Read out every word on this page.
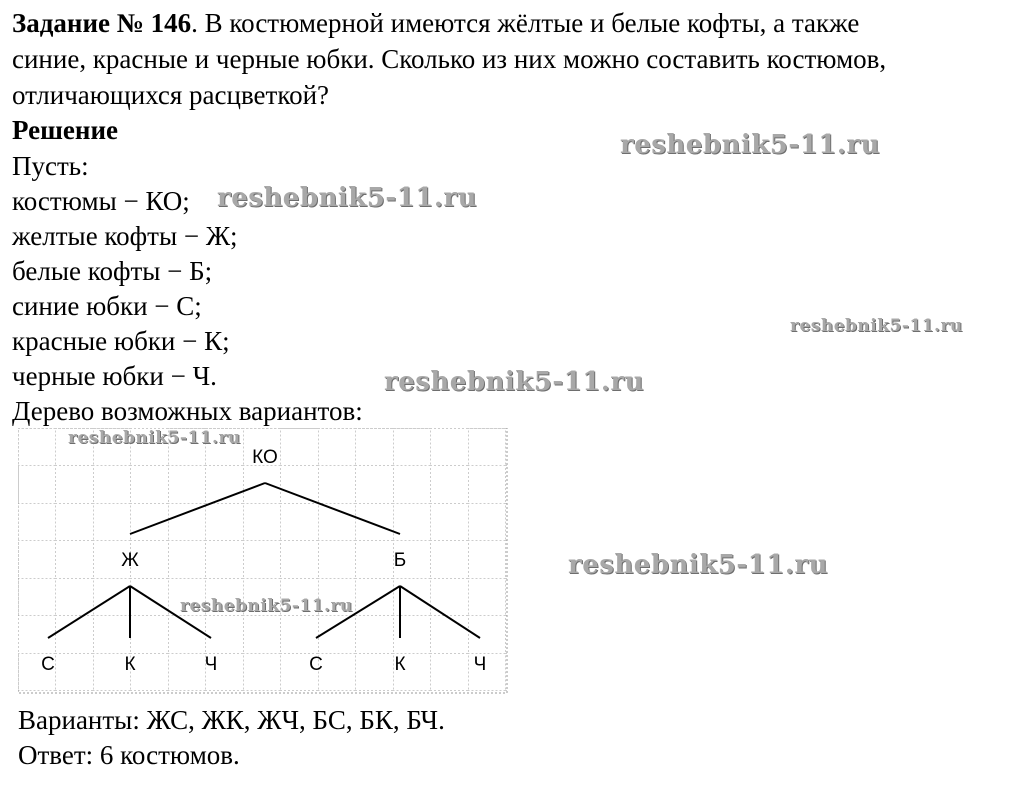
Задание № 146. В костюмерной имеются жёлтые и белые кофты, а также
синие, красные и черные юбки. Сколько из них можно составить костюмов,
отличающихся расцветкой?
Решение
Пусть:
костюмы − КО;
желтые кофты − Ж;
белые кофты − Б;
синие юбки − С;
красные юбки − К;
черные юбки − Ч.
Дерево возможных вариантов:
КО
Ж	Б
С	К	Ч	С	К	Ч
Варианты: ЖС, ЖК, ЖЧ, БС, БК, БЧ.
Ответ: 6 костюмов.
reshebnik5-11.ru
reshebnik5-11.ru
reshebnik5-11.ru
reshebnik5-11.ru
reshebnik5-11.ru
reshebnik5-11.ru
reshebnik5-11.ru
